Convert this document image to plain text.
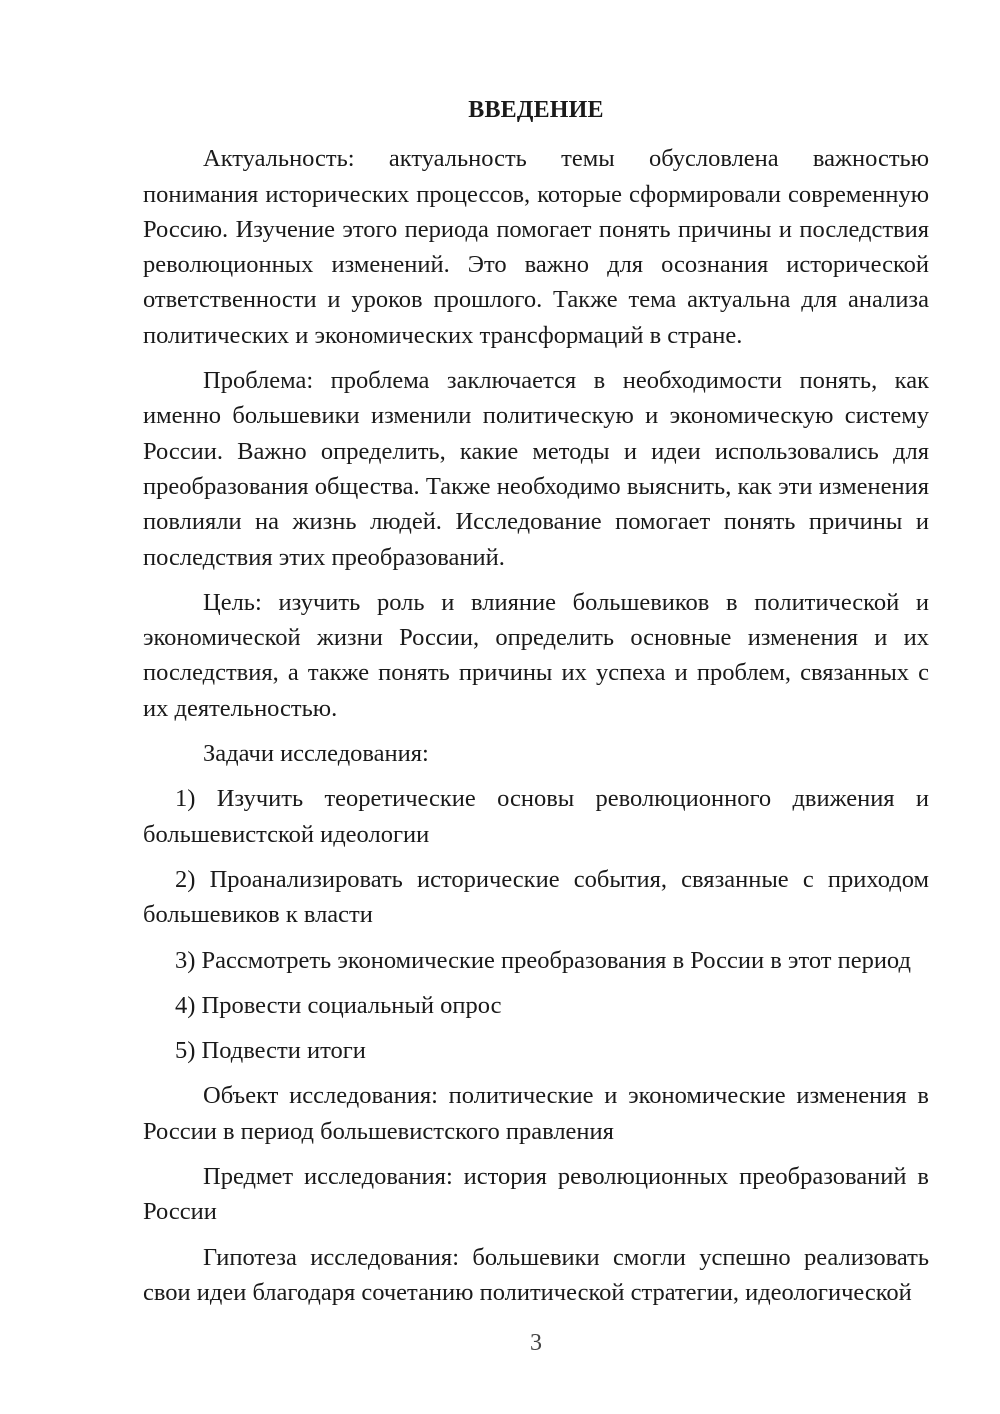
ВВЕДЕНИЕ

Актуальность: актуальность темы обусловлена важностью понимания исторических процессов, которые сформировали современную Россию. Изучение этого периода помогает понять причины и последствия революционных изменений. Это важно для осознания исторической ответственности и уроков прошлого. Также тема актуальна для анализа политических и экономических трансформаций в стране.

Проблема: проблема заключается в необходимости понять, как именно большевики изменили политическую и экономическую систему России. Важно определить, какие методы и идеи использовались для преобразования общества. Также необходимо выяснить, как эти изменения повлияли на жизнь людей. Исследование помогает понять причины и последствия этих преобразований.

Цель: изучить роль и влияние большевиков в политической и экономической жизни России, определить основные изменения и их последствия, а также понять причины их успеха и проблем, связанных с их деятельностью.

Задачи исследования:

1) Изучить теоретические основы революционного движения и большевистской идеологии

2) Проанализировать исторические события, связанные с приходом большевиков к власти

3) Рассмотреть экономические преобразования в России в этот период

4) Провести социальный опрос

5) Подвести итоги

Объект исследования: политические и экономические изменения в России в период большевистского правления

Предмет исследования: история революционных преобразований в России

Гипотеза исследования: большевики смогли успешно реализовать свои идеи благодаря сочетанию политической стратегии, идеологической

3
